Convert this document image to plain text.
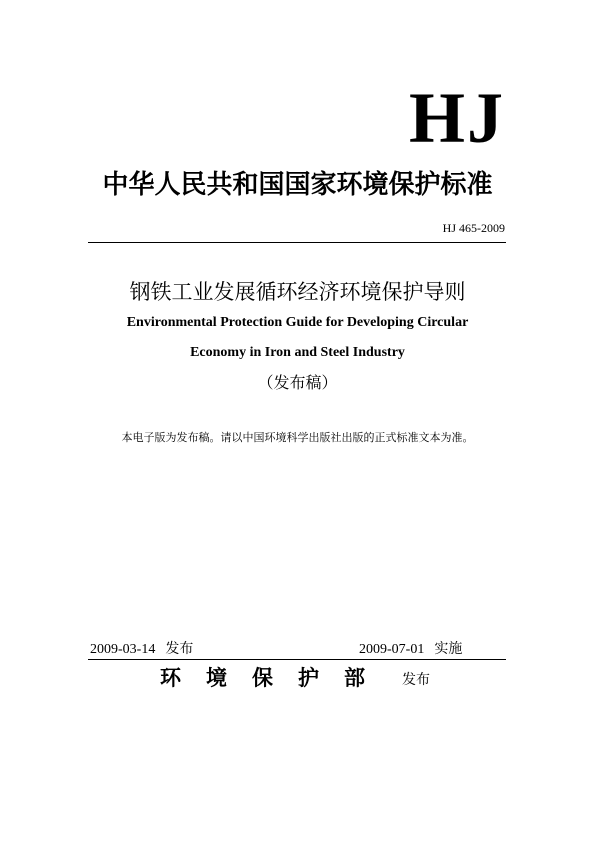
HJ
中华人民共和国国家环境保护标准
HJ 465-2009
钢铁工业发展循环经济环境保护导则
Environmental Protection Guide for Developing Circular
Economy in Iron and Steel Industry
（发布稿）
本电子版为发布稿。请以中国环境科学出版社出版的正式标准文本为准。
2009-03-14 发布	2009-07-01 实施
环境保护部 发布
